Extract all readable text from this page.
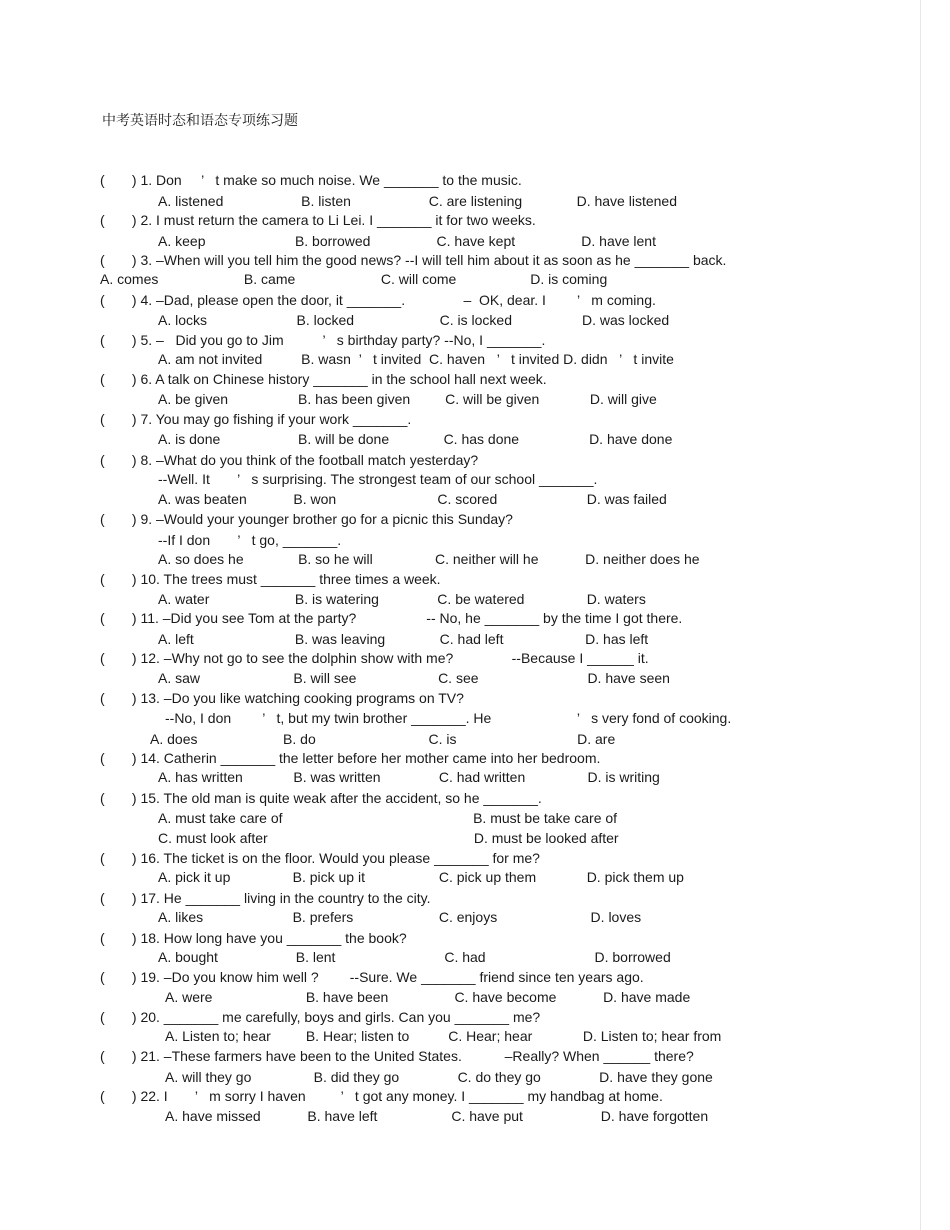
中考英语时态和语态专项练习题
(       ) 1. Don     ’   t make so much noise. We _______ to the music.
A. listened                    B. listen                    C. are listening              D. have listened
(       ) 2. I must return the camera to Li Lei. I _______ it for two weeks.
A. keep                       B. borrowed                 C. have kept                 D. have lent
(       ) 3. –When will you tell him the good news? --I will tell him about it as soon as he _______ back.
A. comes                      B. came                      C. will come                   D. is coming
(       ) 4. –Dad, please open the door, it _______.               –  OK, dear. I        ’   m coming.
A. locks                       B. locked                      C. is locked                  D. was locked
(       ) 5. –   Did you go to Jim          ’   s birthday party? --No, I _______.
A. am not invited          B. wasn  ’   t invited  C. haven   ’   t invited D. didn   ’   t invite
(       ) 6. A talk on Chinese history _______ in the school hall next week.
A. be given                  B. has been given         C. will be given             D. will give
(       ) 7. You may go fishing if your work _______.
A. is done                    B. will be done              C. has done                  D. have done
(       ) 8. –What do you think of the football match yesterday?
--Well. It       ’   s surprising. The strongest team of our school _______.
A. was beaten            B. won                          C. scored                       D. was failed
(       ) 9. –Would your younger brother go for a picnic this Sunday?
--If I don       ’   t go, _______.
A. so does he              B. so he will                C. neither will he            D. neither does he
(       ) 10. The trees must _______ three times a week.
A. water                      B. is watering               C. be watered                D. waters
(       ) 11. –Did you see Tom at the party?                  -- No, he _______ by the time I got there.
A. left                          B. was leaving              C. had left                     D. has left
(       ) 12. –Why not go to see the dolphin show with me?               --Because I ______ it.
A. saw                        B. will see                     C. see                            D. have seen
(       ) 13. –Do you like watching cooking programs on TV?
--No, I don        ’   t, but my twin brother _______. He                      ’   s very fond of cooking.
A. does                      B. do                             C. is                               D. are
(       ) 14. Catherin _______ the letter before her mother came into her bedroom.
A. has written             B. was written               C. had written                D. is writing
(       ) 15. The old man is quite weak after the accident, so he _______.
A. must take care of                                                 B. must be take care of
C. must look after                                                     D. must be looked after
(       ) 16. The ticket is on the floor. Would you please _______ for me?
A. pick it up                B. pick up it                   C. pick up them             D. pick them up
(       ) 17. He _______ living in the country to the city.
A. likes                       B. prefers                      C. enjoys                        D. loves
(       ) 18. How long have you _______ the book?
A. bought                    B. lent                            C. had                            D. borrowed
(       ) 19. –Do you know him well ?        --Sure. We _______ friend since ten years ago.
A. were                        B. have been                 C. have become            D. have made
(       ) 20. _______ me carefully, boys and girls. Can you _______ me?
A. Listen to; hear         B. Hear; listen to          C. Hear; hear             D. Listen to; hear from
(       ) 21. –These farmers have been to the United States.           –Really? When ______ there?
A. will they go                B. did they go               C. do they go               D. have they gone
(       ) 22. I       ’   m sorry I haven         ’   t got any money. I _______ my handbag at home.
A. have missed            B. have left                   C. have put                    D. have forgotten
